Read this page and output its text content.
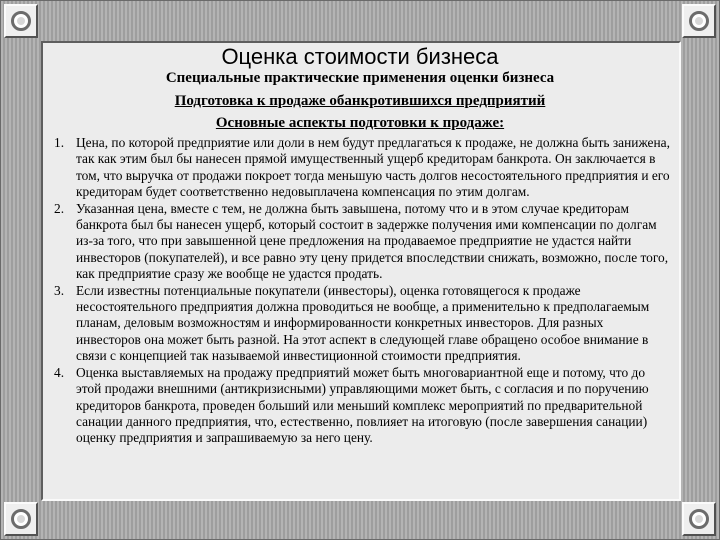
Оценка стоимости бизнеса
Специальные практические применения оценки бизнеса
Подготовка к продаже обанкротившихся предприятий
Основные аспекты подготовки к продаже:
1. Цена, по которой предприятие или доли в нем будут предлагаться к продаже, не должна быть занижена, так как этим был бы нанесен прямой имущественный ущерб кредиторам банкрота. Он заключается в том, что выручка от продажи покроет тогда меньшую часть долгов несостоятельного предприятия и его кредиторам будет соответственно недовыплачена компенсация по этим долгам.
2. Указанная цена, вместе с тем, не должна быть завышена, потому что и в этом случае кредиторам банкрота был бы нанесен ущерб, который состоит в задержке получения ими компенсации по долгам из-за того, что при завышенной цене предложения на продаваемое предприятие не удастся найти инвесторов (покупателей), и все равно эту цену придется впоследствии снижать, возможно, после того, как предприятие сразу же вообще не удастся продать.
3. Если известны потенциальные покупатели (инвесторы), оценка готовящегося к продаже несостоятельного предприятия должна проводиться не вообще, а применительно к предполагаемым планам, деловым возможностям и информированности конкретных инвесторов. Для разных инвесторов она может быть разной. На этот аспект в следующей главе обращено особое внимание в связи с концепцией так называемой инвестиционной стоимости предприятия.
4. Оценка выставляемых на продажу предприятий может быть многовариантной еще и потому, что до этой продажи внешними (антикризисными) управляющими может быть, с согласия и по поручению кредиторов банкрота, проведен больший или меньший комплекс мероприятий по предварительной санации данного предприятия, что, естественно, повлияет на итоговую (после завершения санации) оценку предприятия и запрашиваемую за него цену.
